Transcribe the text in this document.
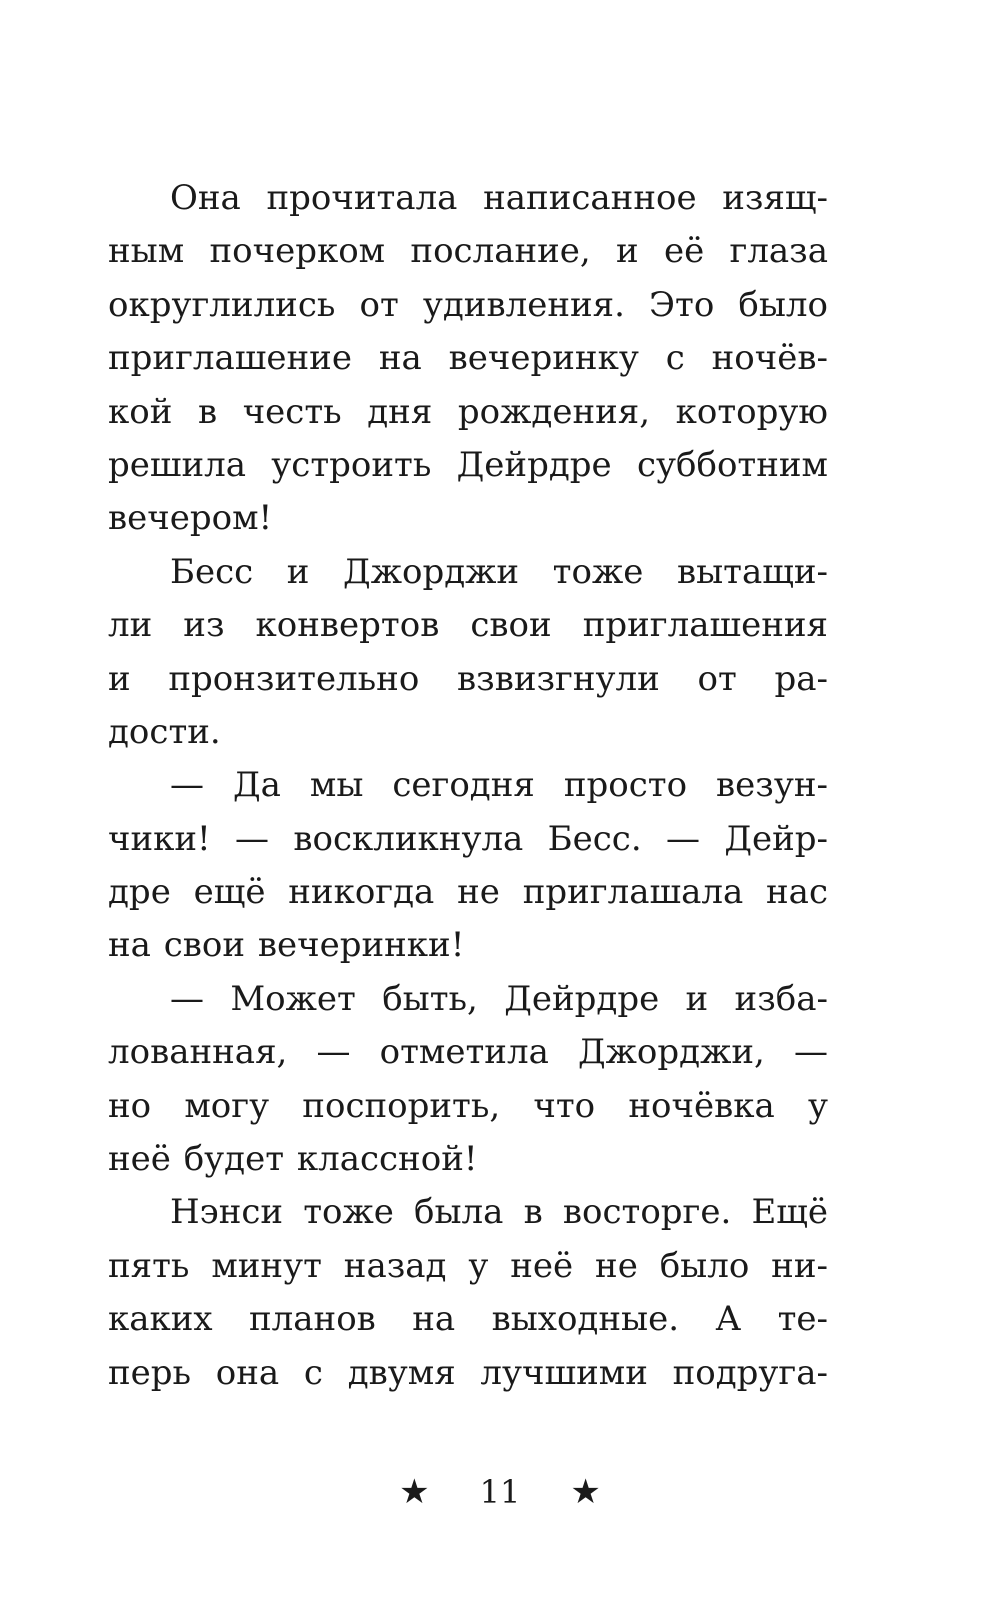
Она прочитала написанное изящ-
ным почерком послание, и её глаза
округлились от удивления. Это было
приглашение на вечеринку с ночёв-
кой в честь дня рождения, которую
решила устроить Дейрдре субботним
вечером!
Бесс и Джорджи тоже вытащи-
ли из конвертов свои приглашения
и пронзительно взвизгнули от ра-
дости.
— Да мы сегодня просто везун-
чики! — воскликнула Бесс. — Дейр-
дре ещё никогда не приглашала нас
на свои вечеринки!
— Может быть, Дейрдре и изба-
лованная, — отметила Джорджи, —
но могу поспорить, что ночёвка у
неё будет классной!
Нэнси тоже была в восторге. Ещё
пять минут назад у неё не было ни-
каких планов на выходные. А те-
перь она с двумя лучшими подруга-
★ 11 ★
